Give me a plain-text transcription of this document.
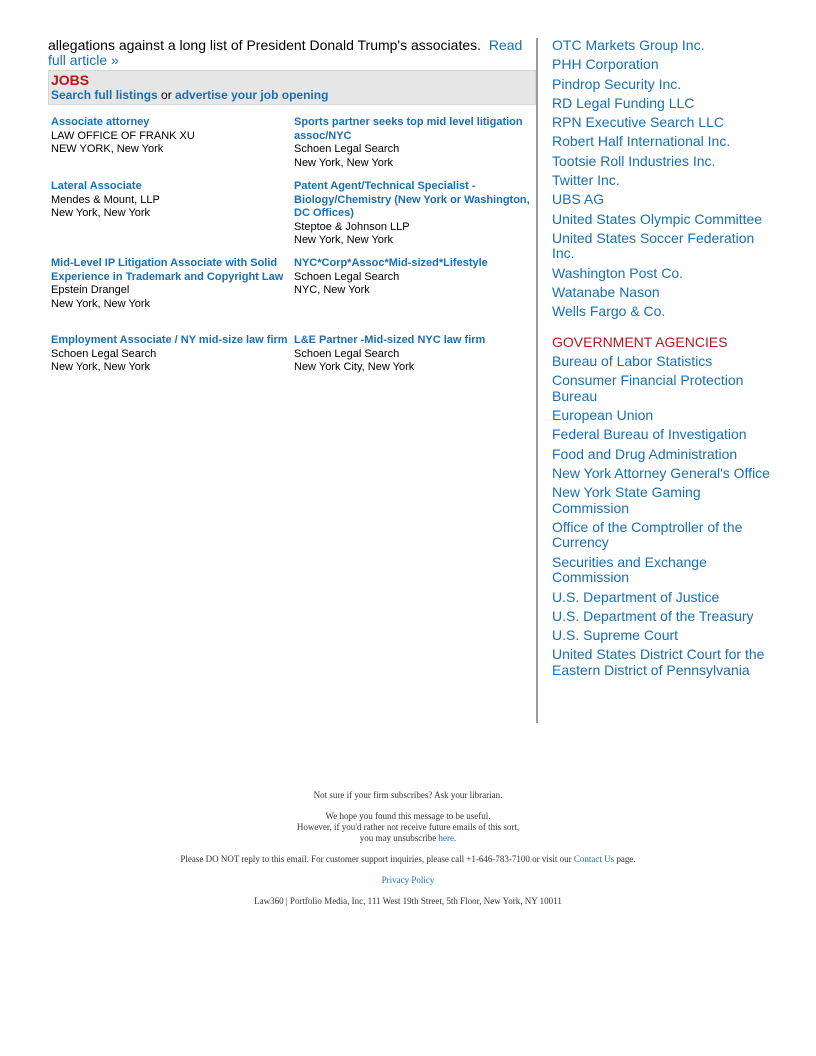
allegations against a long list of President Donald Trump's associates. Read full article »
JOBS
Search full listings or advertise your job opening
Associate attorney
LAW OFFICE OF FRANK XU
NEW YORK, New York
Sports partner seeks top mid level litigation assoc/NYC
Schoen Legal Search
New York, New York
Lateral Associate
Mendes & Mount, LLP
New York, New York
Patent Agent/Technical Specialist - Biology/Chemistry (New York or Washington, DC Offices)
Steptoe & Johnson LLP
New York, New York
Mid-Level IP Litigation Associate with Solid Experience in Trademark and Copyright Law
Epstein Drangel
New York, New York
NYC*Corp*Assoc*Mid-sized*Lifestyle
Schoen Legal Search
NYC, New York
Employment Associate / NY mid-size law firm
Schoen Legal Search
New York, New York
L&E Partner -Mid-sized NYC law firm
Schoen Legal Search
New York City, New York
OTC Markets Group Inc.
PHH Corporation
Pindrop Security Inc.
RD Legal Funding LLC
RPN Executive Search LLC
Robert Half International Inc.
Tootsie Roll Industries Inc.
Twitter Inc.
UBS AG
United States Olympic Committee
United States Soccer Federation Inc.
Washington Post Co.
Watanabe Nason
Wells Fargo & Co.
GOVERNMENT AGENCIES
Bureau of Labor Statistics
Consumer Financial Protection Bureau
European Union
Federal Bureau of Investigation
Food and Drug Administration
New York Attorney General's Office
New York State Gaming Commission
Office of the Comptroller of the Currency
Securities and Exchange Commission
U.S. Department of Justice
U.S. Department of the Treasury
U.S. Supreme Court
United States District Court for the Eastern District of Pennsylvania

Not sure if your firm subscribes? Ask your librarian.

We hope you found this message to be useful.
However, if you'd rather not receive future emails of this sort,
you may unsubscribe here.

Please DO NOT reply to this email. For customer support inquiries, please call +1-646-783-7100 or visit our Contact Us page.

Privacy Policy

Law360 | Portfolio Media, Inc, 111 West 19th Street, 5th Floor, New York, NY 10011
